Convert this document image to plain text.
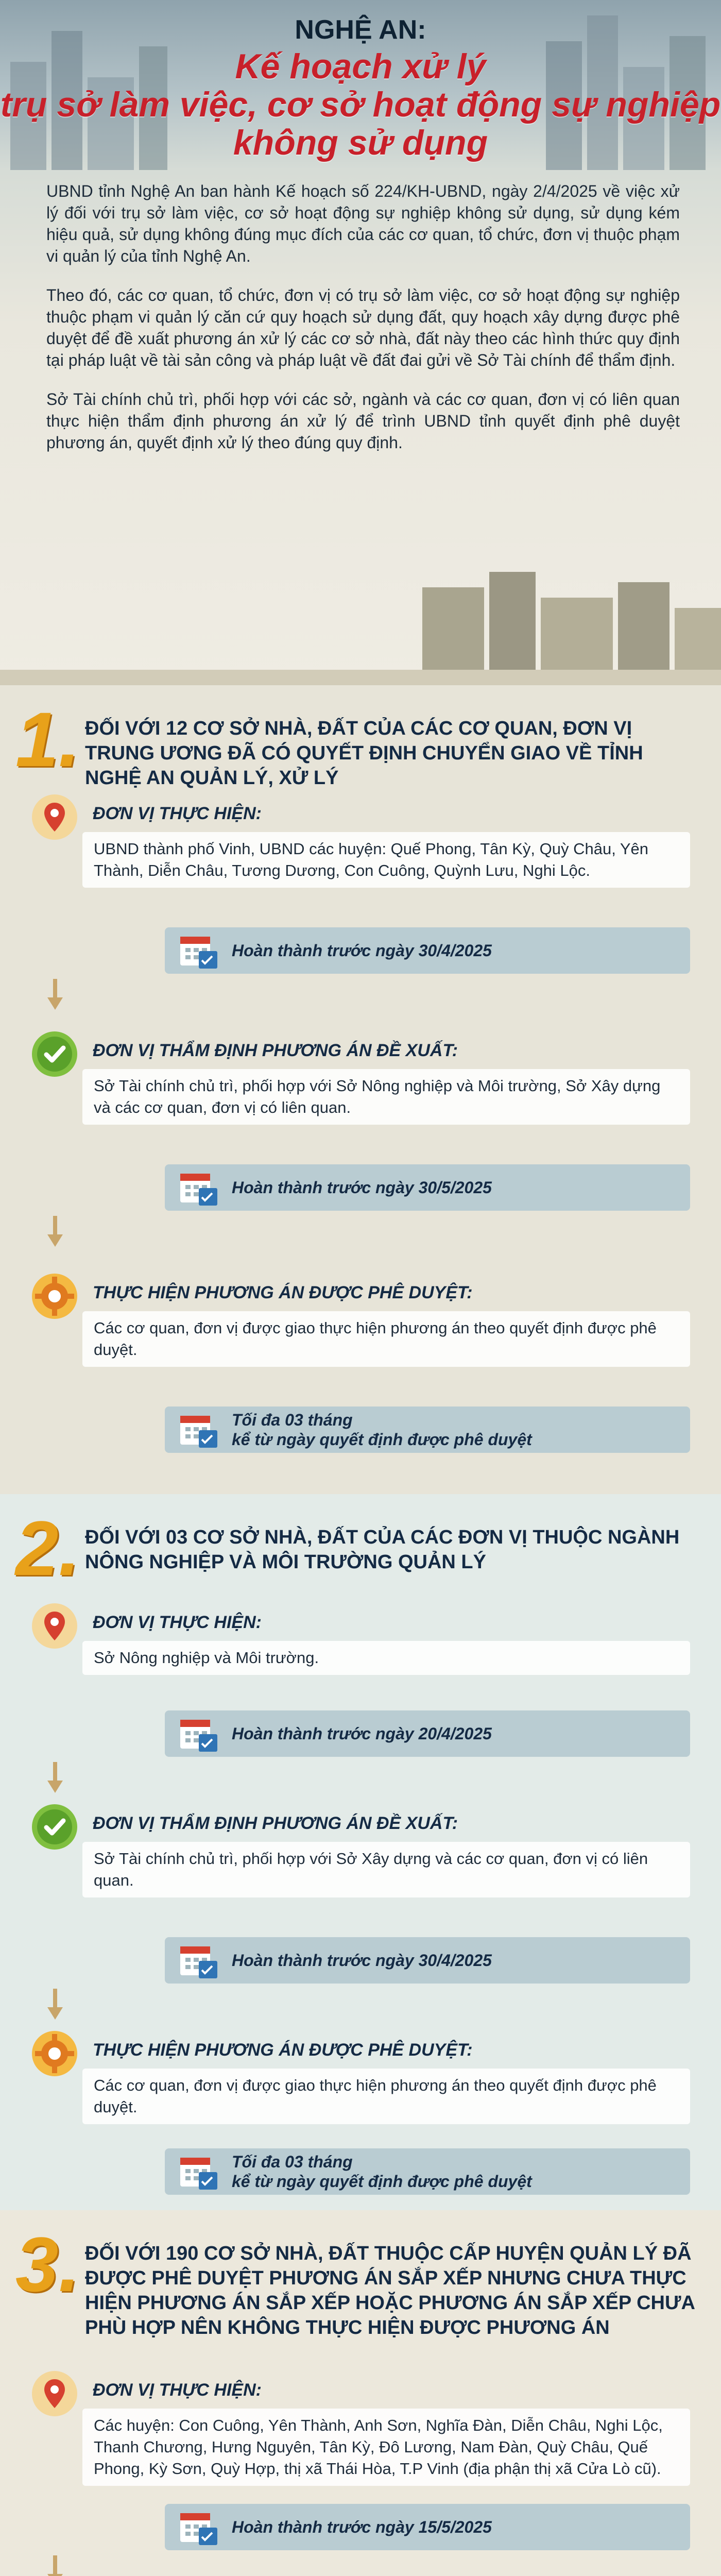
NGHỆ AN:
Kế hoạch xử lý
trụ sở làm việc, cơ sở hoạt động sự nghiệp
không sử dụng

UBND tỉnh Nghệ An ban hành Kế hoạch số 224/KH-UBND, ngày 2/4/2025 về việc xử lý đối với trụ sở làm việc, cơ sở hoạt động sự nghiệp không sử dụng, sử dụng kém hiệu quả, sử dụng không đúng mục đích của các cơ quan, tổ chức, đơn vị thuộc phạm vi quản lý của tỉnh Nghệ An.

Theo đó, các cơ quan, tổ chức, đơn vị có trụ sở làm việc, cơ sở hoạt động sự nghiệp thuộc phạm vi quản lý căn cứ quy hoạch sử dụng đất, quy hoạch xây dựng được phê duyệt để đề xuất phương án xử lý các cơ sở nhà, đất này theo các hình thức quy định tại pháp luật về tài sản công và pháp luật về đất đai gửi về Sở Tài chính để thẩm định.

Sở Tài chính chủ trì, phối hợp với các sở, ngành và các cơ quan, đơn vị có liên quan thực hiện thẩm định phương án xử lý để trình UBND tỉnh quyết định phê duyệt phương án, quyết định xử lý theo đúng quy định.

1. ĐỐI VỚI 12 CƠ SỞ NHÀ, ĐẤT CỦA CÁC CƠ QUAN, ĐƠN VỊ TRUNG ƯƠNG ĐÃ CÓ QUYẾT ĐỊNH CHUYỂN GIAO VỀ TỈNH NGHỆ AN QUẢN LÝ, XỬ LÝ
ĐƠN VỊ THỰC HIỆN:
UBND thành phố Vinh, UBND các huyện: Quế Phong, Tân Kỳ, Quỳ Châu, Yên Thành, Diễn Châu, Tương Dương, Con Cuông, Quỳnh Lưu, Nghi Lộc.
Hoàn thành trước ngày 30/4/2025
ĐƠN VỊ THẨM ĐỊNH PHƯƠNG ÁN ĐỀ XUẤT:
Sở Tài chính chủ trì, phối hợp với Sở Nông nghiệp và Môi trường, Sở Xây dựng và các cơ quan, đơn vị có liên quan.
Hoàn thành trước ngày 30/5/2025
THỰC HIỆN PHƯƠNG ÁN ĐƯỢC PHÊ DUYỆT:
Các cơ quan, đơn vị được giao thực hiện phương án theo quyết định được phê duyệt.
Tối đa 03 tháng
kể từ ngày quyết định được phê duyệt
2. ĐỐI VỚI 03 CƠ SỞ NHÀ, ĐẤT CỦA CÁC ĐƠN VỊ THUỘC NGÀNH NÔNG NGHIỆP VÀ MÔI TRƯỜNG QUẢN LÝ
ĐƠN VỊ THỰC HIỆN:
Sở Nông nghiệp và Môi trường.
Hoàn thành trước ngày 20/4/2025
ĐƠN VỊ THẨM ĐỊNH PHƯƠNG ÁN ĐỀ XUẤT:
Sở Tài chính chủ trì, phối hợp với Sở Xây dựng và các cơ quan, đơn vị có liên quan.
Hoàn thành trước ngày 30/4/2025
THỰC HIỆN PHƯƠNG ÁN ĐƯỢC PHÊ DUYỆT:
Các cơ quan, đơn vị được giao thực hiện phương án theo quyết định được phê duyệt.
Tối đa 03 tháng
kể từ ngày quyết định được phê duyệt
3. ĐỐI VỚI 190 CƠ SỞ NHÀ, ĐẤT THUỘC CẤP HUYỆN QUẢN LÝ ĐÃ ĐƯỢC PHÊ DUYỆT PHƯƠNG ÁN SẮP XẾP NHƯNG CHƯA THỰC HIỆN PHƯƠNG ÁN SẮP XẾP HOẶC PHƯƠNG ÁN SẮP XẾP CHƯA PHÙ HỢP NÊN KHÔNG THỰC HIỆN ĐƯỢC PHƯƠNG ÁN
ĐƠN VỊ THỰC HIỆN:
Các huyện: Con Cuông, Yên Thành, Anh Sơn, Nghĩa Đàn, Diễn Châu, Nghi Lộc, Thanh Chương, Hưng Nguyên, Tân Kỳ, Đô Lương, Nam Đàn, Quỳ Châu, Quế Phong, Kỳ Sơn, Quỳ Hợp, thị xã Thái Hòa, T.P Vinh (địa phận thị xã Cửa Lò cũ).
Hoàn thành trước ngày 15/5/2025
